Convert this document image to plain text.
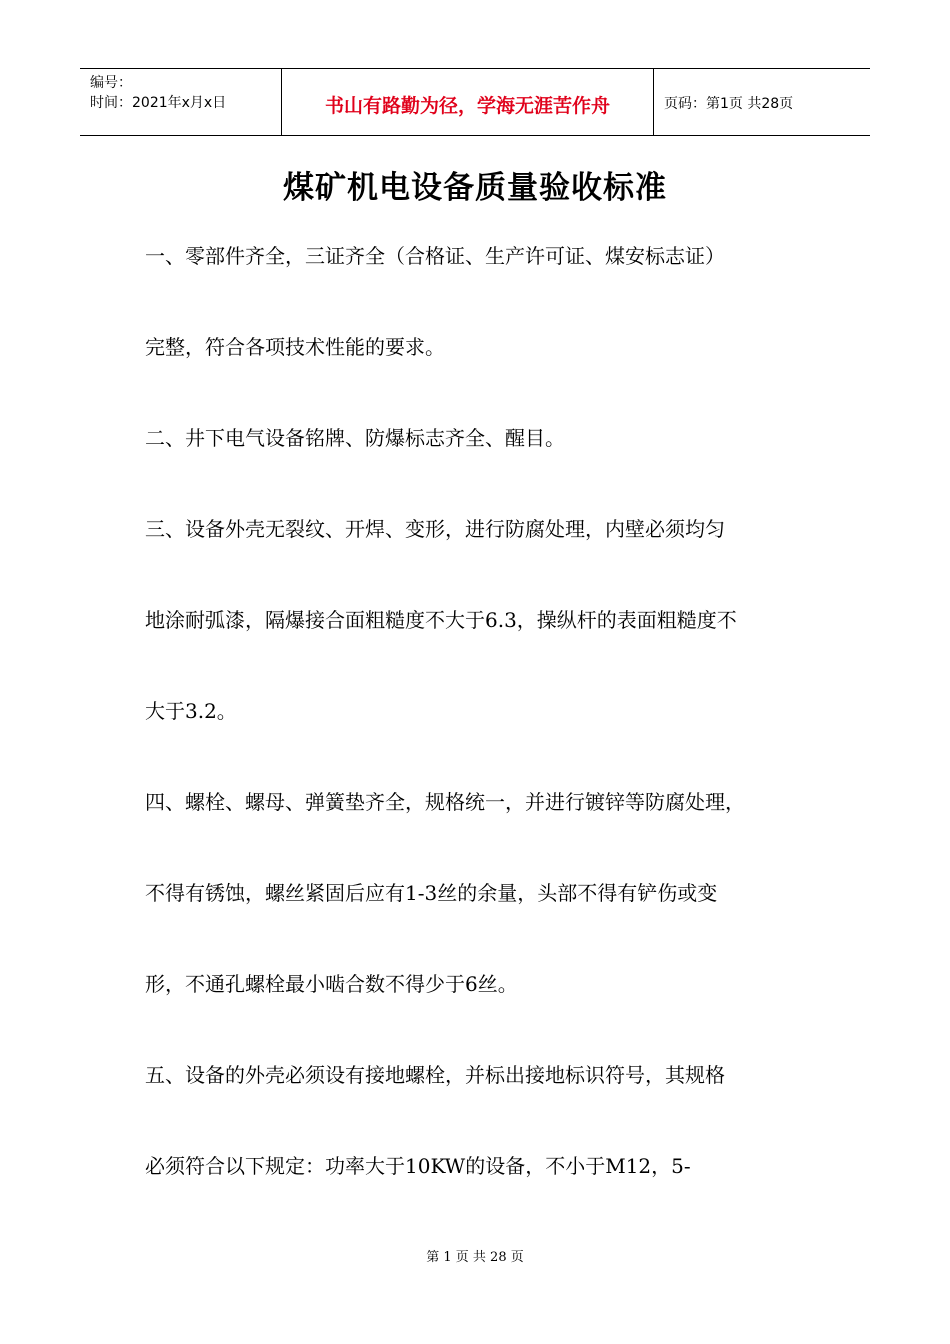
编号：
时间：2021年x月x日	书山有路勤为径，学海无涯苦作舟	页码：第1页 共28页
煤矿机电设备质量验收标准
一、零部件齐全，三证齐全（合格证、生产许可证、煤安标志证）
完整，符合各项技术性能的要求。
二、井下电气设备铭牌、防爆标志齐全、醒目。
三、设备外壳无裂纹、开焊、变形，进行防腐处理，内壁必须均匀
地涂耐弧漆，隔爆接合面粗糙度不大于6.3，操纵杆的表面粗糙度不
大于3.2。
四、螺栓、螺母、弹簧垫齐全，规格统一，并进行镀锌等防腐处理，
不得有锈蚀，螺丝紧固后应有1-3丝的余量，头部不得有铲伤或变
形，不通孔螺栓最小啮合数不得少于6丝。
五、设备的外壳必须设有接地螺栓，并标出接地标识符号，其规格
必须符合以下规定：功率大于10KW的设备，不小于M12，5-
第 1 页 共 28 页
